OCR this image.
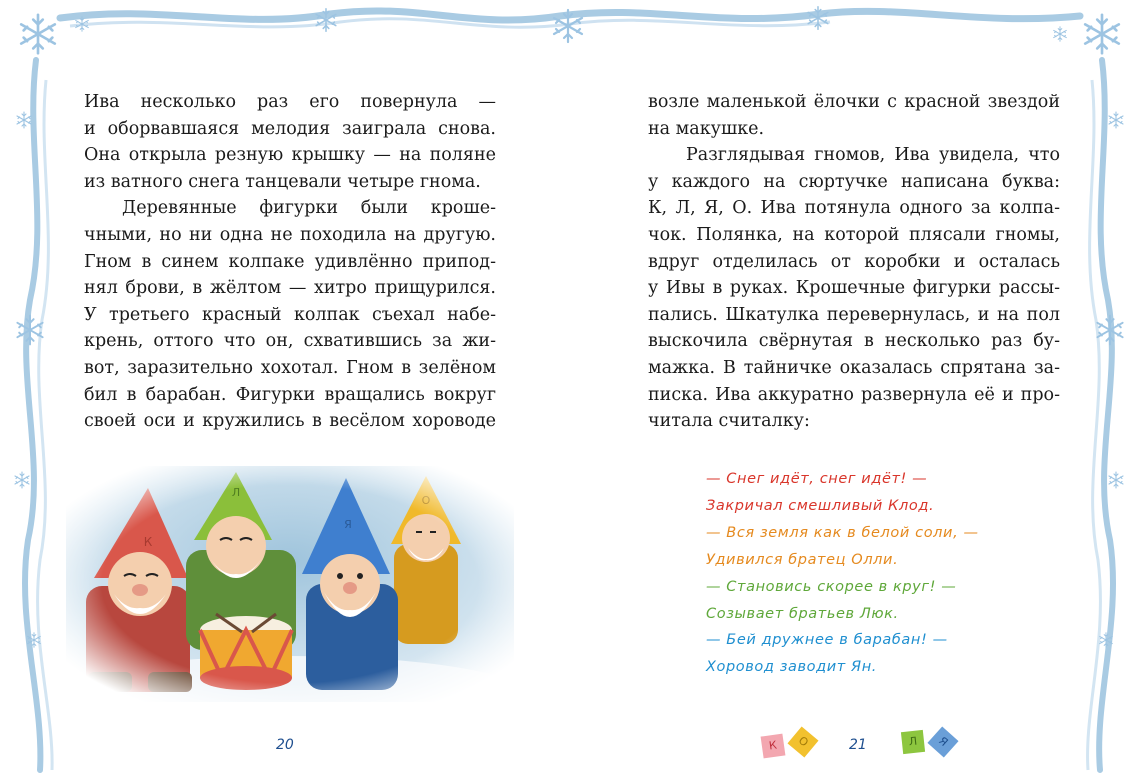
Ива несколько раз его повернула —
и оборвавшаяся мелодия заиграла снова.
Она открыла резную крышку — на поляне
из ватного снега танцевали четыре гнома.
Деревянные фигурки были кроше-
чными, но ни одна не походила на другую.
Гном в синем колпаке удивлённо припод-
нял брови, в жёлтом — хитро прищурился.
У третьего красный колпак съехал набе-
крень, оттого что он, схватившись за жи-
вот, заразительно хохотал. Гном в зелёном
бил в барабан. Фигурки вращались вокруг
своей оси и кружились в весёлом хороводе
возле маленькой ёлочки с красной звездой
на макушке.
Разглядывая гномов, Ива увидела, что
у каждого на сюртучке написана буква:
К, Л, Я, О. Ива потянула одного за колпа-
чок. Полянка, на которой плясали гномы,
вдруг отделилась от коробки и осталась
у Ивы в руках. Крошечные фигурки рассы-
пались. Шкатулка перевернулась, и на пол
выскочила свёрнутая в несколько раз бу-
мажка. В тайничке оказалась спрятана за-
писка. Ива аккуратно развернула её и про-
читала считалку:
— Снег идёт, снег идёт! —
Закричал смешливый Клод.
— Вся земля как в белой соли, —
Удивился братец Олли.
— Становись скорее в круг! —
Созывает братьев Люк.
— Бей дружнее в барабан! —
Хоровод заводит Ян.
20	21
К	О	Л	Я
